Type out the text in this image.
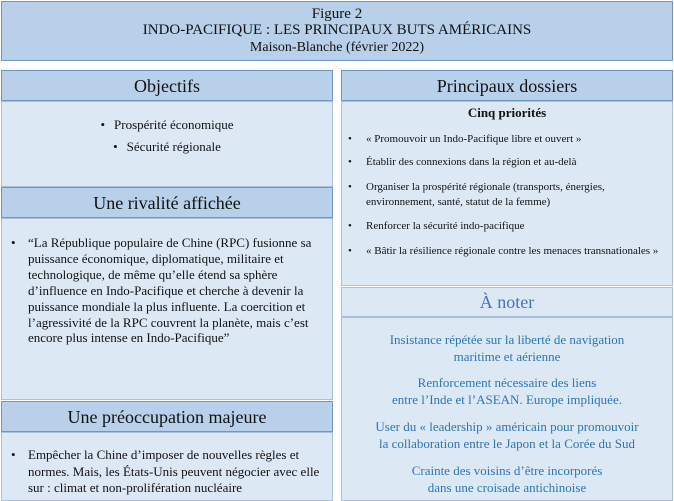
Figure 2
INDO-PACIFIQUE : LES PRINCIPAUX BUTS AMÉRICAINS
Maison-Blanche (février 2022)
Objectifs
• Prospérité économique
• Sécurité régionale
Une rivalité affichée
• “La République populaire de Chine (RPC) fusionne sa puissance économique, diplomatique, militaire et technologique, de même qu’elle étend sa sphère d’influence en Indo-Pacifique et cherche à devenir la puissance mondiale la plus influente. La coercition et l’agressivité de la RPC couvrent la planète, mais c’est encore plus intense en Indo-Pacifique”
Une préoccupation majeure
• Empêcher la Chine d’imposer de nouvelles règles et normes. Mais, les États-Unis peuvent négocier avec elle sur : climat et non-prolifération nucléaire
Principaux dossiers
Cinq priorités
• « Promouvoir un Indo-Pacifique libre et ouvert »
• Établir des connexions dans la région et au-delà
• Organiser la prospérité régionale (transports, énergies, environnement, santé, statut de la femme)
• Renforcer la sécurité indo-pacifique
• « Bâtir la résilience régionale contre les menaces transnationales »
À noter
Insistance répétée sur la liberté de navigation
maritime et aérienne
Renforcement nécessaire des liens
entre l’Inde et l’ASEAN. Europe impliquée.
User du « leadership » américain pour promouvoir
la collaboration entre le Japon et la Corée du Sud
Crainte des voisins d’être incorporés
dans une croisade antichinoise
